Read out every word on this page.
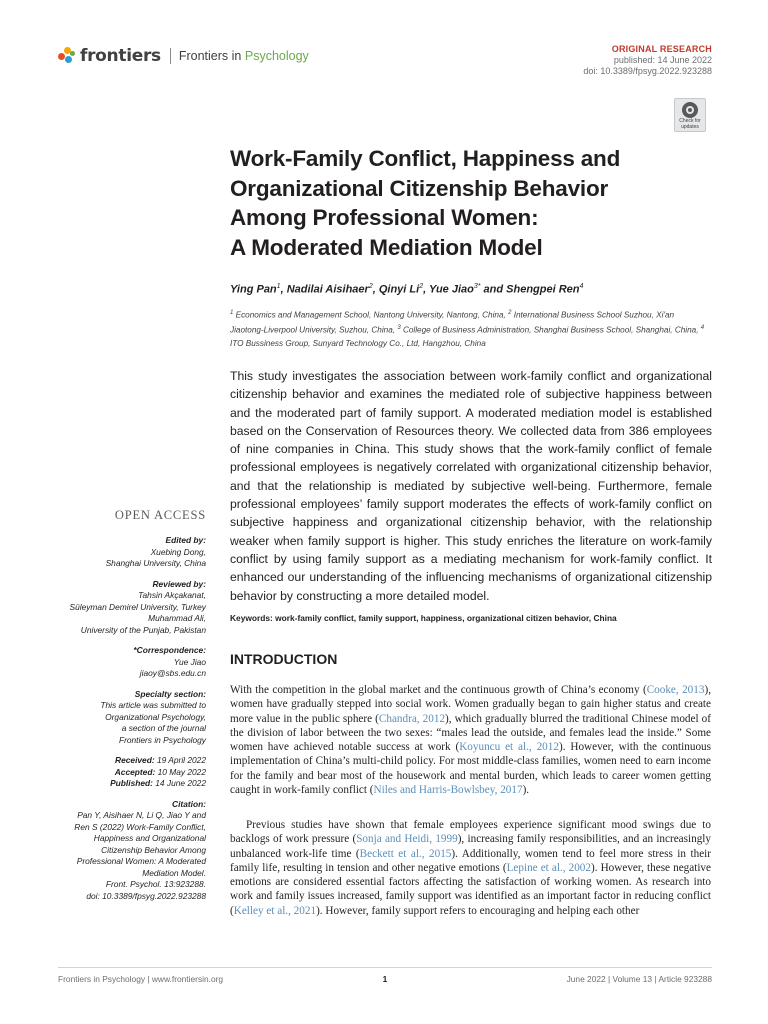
frontiers Frontiers in Psychology	ORIGINAL RESEARCH
published: 14 June 2022
doi: 10.3389/fpsyg.2022.923288
Check for updates
Work-Family Conflict, Happiness and
Organizational Citizenship Behavior
Among Professional Women:
A Moderated Mediation Model
Ying Pan$^1$, Nadilai Aisihaer$^2$, Qinyi Li$^2$, Yue Jiao$^{3*}$ and Shengpei Ren$^4$
$^1$ Economics and Management School, Nantong University, Nantong, China, $^2$ International Business School Suzhou, Xi'an Jiaotong-Liverpool University, Suzhou, China, $^3$ College of Business Administration, Shanghai Business School, Shanghai, China, $^4$ ITO Bussiness Group, Sunyard Technology Co., Ltd, Hangzhou, China

This study investigates the association between work-family conflict and organizational citizenship behavior and examines the mediated role of subjective happiness between and the moderated part of family support. A moderated mediation model is established based on the Conservation of Resources theory. We collected data from 386 employees of nine companies in China. This study shows that the work-family conflict of female professional employees is negatively correlated with organizational citizenship behavior, and that the relationship is mediated by subjective well-being. Furthermore, female professional employees’ family support moderates the effects of work-family conflict on subjective happiness and organizational citizenship behavior, with the relationship weaker when family support is higher. This study enriches the literature on work-family conflict by using family support as a mediating mechanism for work-family conflict. It enhanced our understanding of the influencing mechanisms of organizational citizenship behavior by constructing a more detailed model.

Keywords: work-family conflict, family support, happiness, organizational citizen behavior, China

INTRODUCTION

With the competition in the global market and the continuous growth of China’s economy (Cooke, 2013), women have gradually stepped into social work. Women gradually began to gain higher status and create more value in the public sphere (Chandra, 2012), which gradually blurred the traditional Chinese model of the division of labor between the two sexes: “males lead the outside, and females lead the inside.” Some women have achieved notable success at work (Koyuncu et al., 2012). However, with the continuous implementation of China’s multi-child policy. For most middle-class families, women need to earn income for the family and bear most of the housework and mental burden, which leads to career women getting caught in work-family conflict (Niles and Harris-Bowlsbey, 2017).

Previous studies have shown that female employees experience significant mood swings due to backlogs of work pressure (Sonja and Heidi, 1999), increasing family responsibilities, and an increasingly unbalanced work-life time (Beckett et al., 2015). Additionally, women tend to feel more stress in their family life, resulting in tension and other negative emotions (Lepine et al., 2002). However, these negative emotions are considered essential factors affecting the satisfaction of working women. As research into work and family issues increased, family support was identified as an important factor in reducing conflict (Kelley et al., 2021). However, family support refers to encouraging and helping each other

OPEN ACCESS
Edited by:
Xuebing Dong,
Shanghai University, China
Reviewed by:
Tahsin Akçakanat,
Süleyman Demirel University, Turkey
Muhammad Ali,
University of the Punjab, Pakistan
*Correspondence:
Yue Jiao
jiaoy@sbs.edu.cn
Specialty section:
This article was submitted to
Organizational Psychology,
a section of the journal
Frontiers in Psychology
Received: 19 April 2022
Accepted: 10 May 2022
Published: 14 June 2022
Citation:
Pan Y, Aisihaer N, Li Q, Jiao Y and
Ren S (2022) Work-Family Conflict,
Happiness and Organizational
Citizenship Behavior Among
Professional Women: A Moderated
Mediation Model.
Front. Psychol. 13:923288.
doi: 10.3389/fpsyg.2022.923288
Frontiers in Psychology | www.frontiersin.org	1	June 2022 | Volume 13 | Article 923288
